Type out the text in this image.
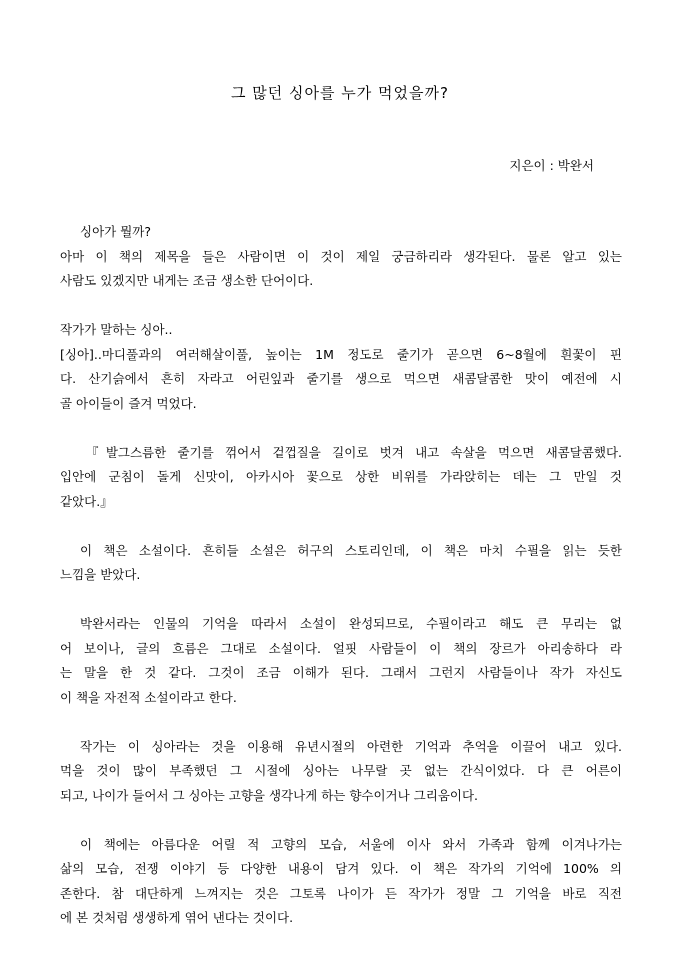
그 많던 싱아를 누가 먹었을까?
지은이 : 박완서

싱아가 뭘까?
아마 이 책의 제목을 들은 사람이면 이 것이 제일 궁금하리라 생각된다. 물론 알고 있는
사람도 있겠지만 내게는 조금 생소한 단어이다.

작가가 말하는 싱아..
[싱아]..마디풀과의 여러해살이풀, 높이는 1M 정도로 줄기가 곧으면 6~8월에 흰꽃이 핀
다. 산기슭에서 흔히 자라고 어린잎과 줄기를 생으로 먹으면 새콤달콤한 맛이 예전에 시
골 아이들이 즐겨 먹었다.

『발그스름한 줄기를 꺾어서 겉껍질을 길이로 벗겨 내고 속살을 먹으면 새콤달콤했다.
입안에 군침이 돌게 신맛이, 아카시아 꽃으로 상한 비위를 가라앉히는 데는 그 만일 것
같았다.』

이 책은 소설이다. 흔히들 소설은 허구의 스토리인데, 이 책은 마치 수필을 읽는 듯한
느낌을 받았다.

박완서라는 인물의 기억을 따라서 소설이 완성되므로, 수필이라고 해도 큰 무리는 없
어 보이나, 글의 흐름은 그대로 소설이다. 얼핏 사람들이 이 책의 장르가 아리송하다 라
는 말을 한 것 같다. 그것이 조금 이해가 된다. 그래서 그런지 사람들이나 작가 자신도
이 책을 자전적 소설이라고 한다.

작가는 이 싱아라는 것을 이용해 유년시절의 아련한 기억과 추억을 이끌어 내고 있다.
먹을 것이 많이 부족했던 그 시절에 싱아는 나무랄 곳 없는 간식이었다. 다 큰 어른이
되고, 나이가 들어서 그 싱아는 고향을 생각나게 하는 향수이거나 그리움이다.

이 책에는 아름다운 어릴 적 고향의 모습, 서울에 이사 와서 가족과 함께 이겨나가는
삶의 모습, 전쟁 이야기 등 다양한 내용이 담겨 있다. 이 책은 작가의 기억에 100% 의
존한다. 참 대단하게 느껴지는 것은 그토록 나이가 든 작가가 정말 그 기억을 바로 직전
에 본 것처럼 생생하게 엮어 낸다는 것이다.
